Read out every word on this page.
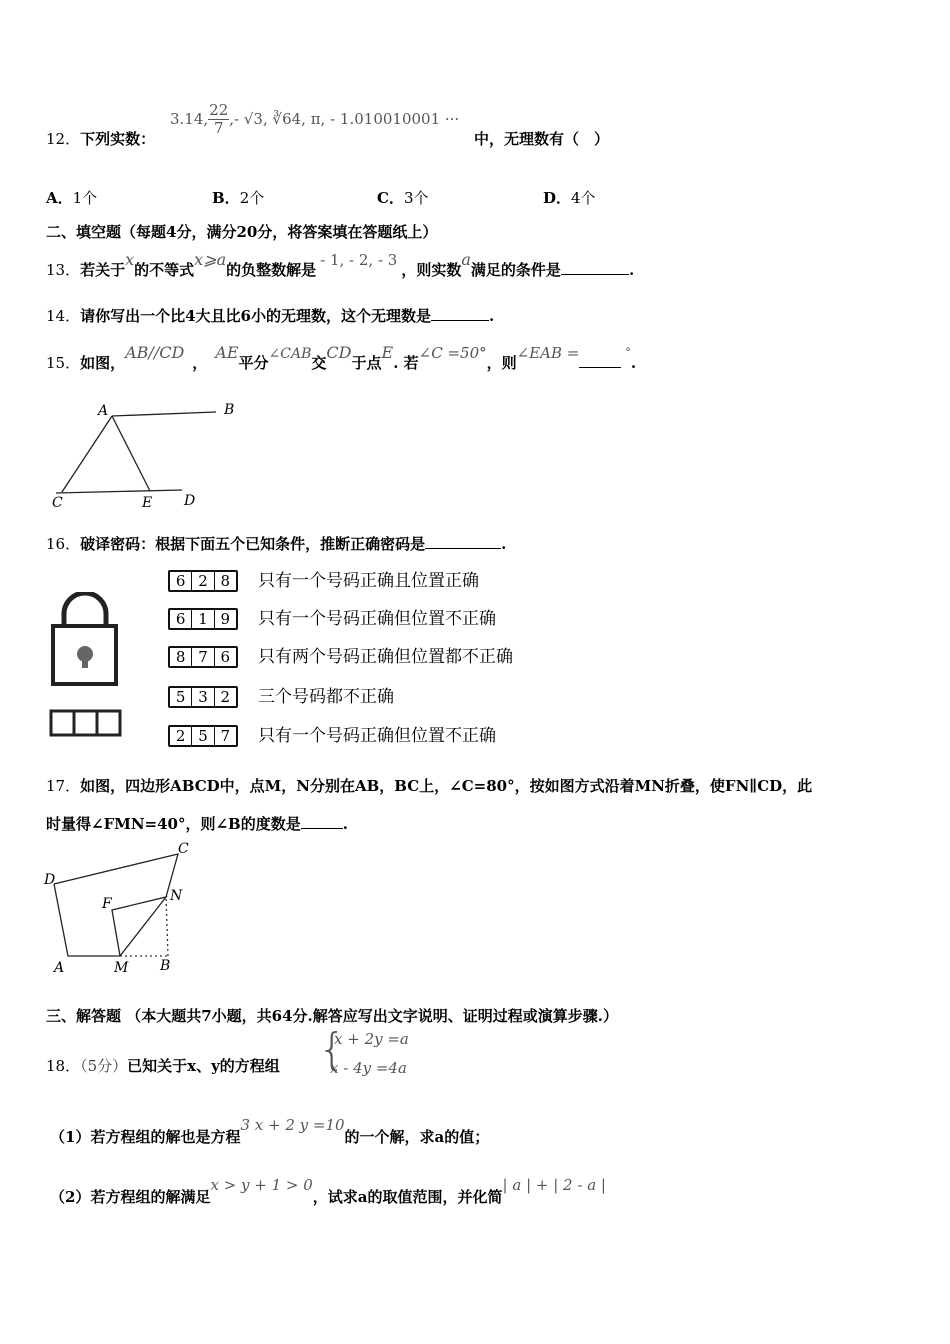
12．下列实数：
3.14, $\frac{22}{7}$ ,- √3, ∛64, π, - 1.010010001 ···
中，无理数有（　）
A．1个	B．2个	C．3个	D．4个
二、填空题（每题4分，满分20分，将答案填在答题纸上）
13．若关于x的不等式x⩾a的负整数解是- 1, - 2, - 3，则实数a满足的条件是	.
14．请你写出一个比4大且比6小的无理数，这个无理数是	.
15．如图，AB//CD，AE平分∠CAB交CD于点E. 若∠C =50°，则∠EAB =	°.
A	B
C	E D
16．破译密码：根据下面五个已知条件，推断正确密码是	.
6 2 8	只有一个号码正确且位置正确
6 1 9	只有一个号码正确但位置不正确
8 7 6	只有两个号码正确但位置都不正确
5 3 2	三个号码都不正确
2 5 7	只有一个号码正确但位置不正确
17．如图，四边形ABCD中，点M，N分别在AB，BC上，∠C=80°，按如图方式沿着MN折叠，使FN∥CD，此
时量得∠FMN=40°，则∠B的度数是	.
D
C
F	N
A	M B
三、解答题 （本大题共7小题，共64分.解答应写出文字说明、证明过程或演算步骤.）
18．（5分）已知关于x、y的方程组 {
x + 2y =a
x - 4y =4a
（1）若方程组的解也是方程3 x + 2 y =10的一个解，求a的值；
（2）若方程组的解满足x > y + 1 > 0，试求a的取值范围，并化简| a | + | 2 - a |
